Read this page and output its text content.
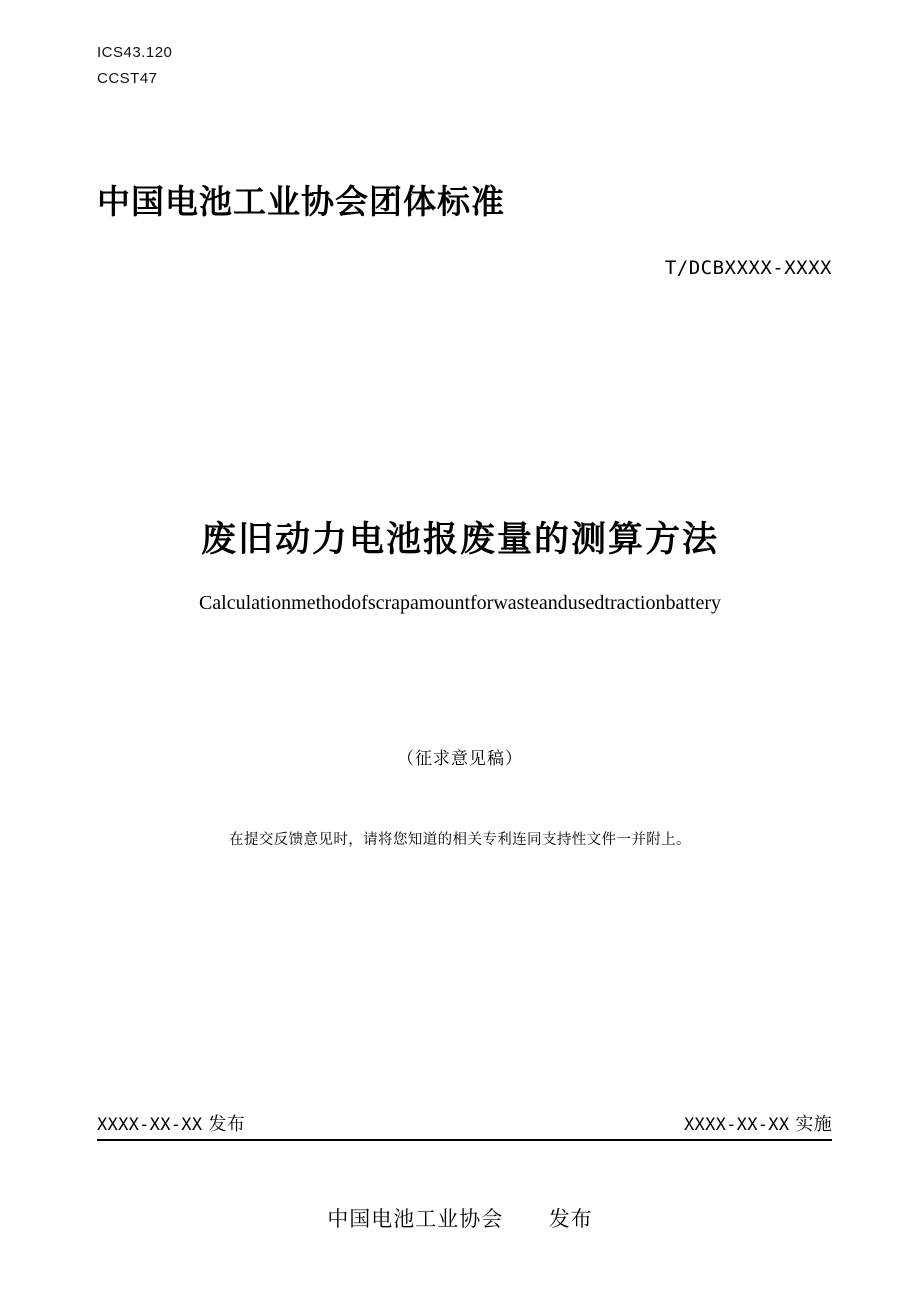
ICS43.120
CCST47
中国电池工业协会团体标准
T/DCBXXXX-XXXX
废旧动力电池报废量的测算方法
Calculationmethodofscrapamountforwasteandusedtractionbattery
（征求意见稿）
在提交反馈意见时，请将您知道的相关专利连同支持性文件一并附上。
XXXX-XX-XX 发布	XXXX-XX-XX 实施
中国电池工业协会 发布
